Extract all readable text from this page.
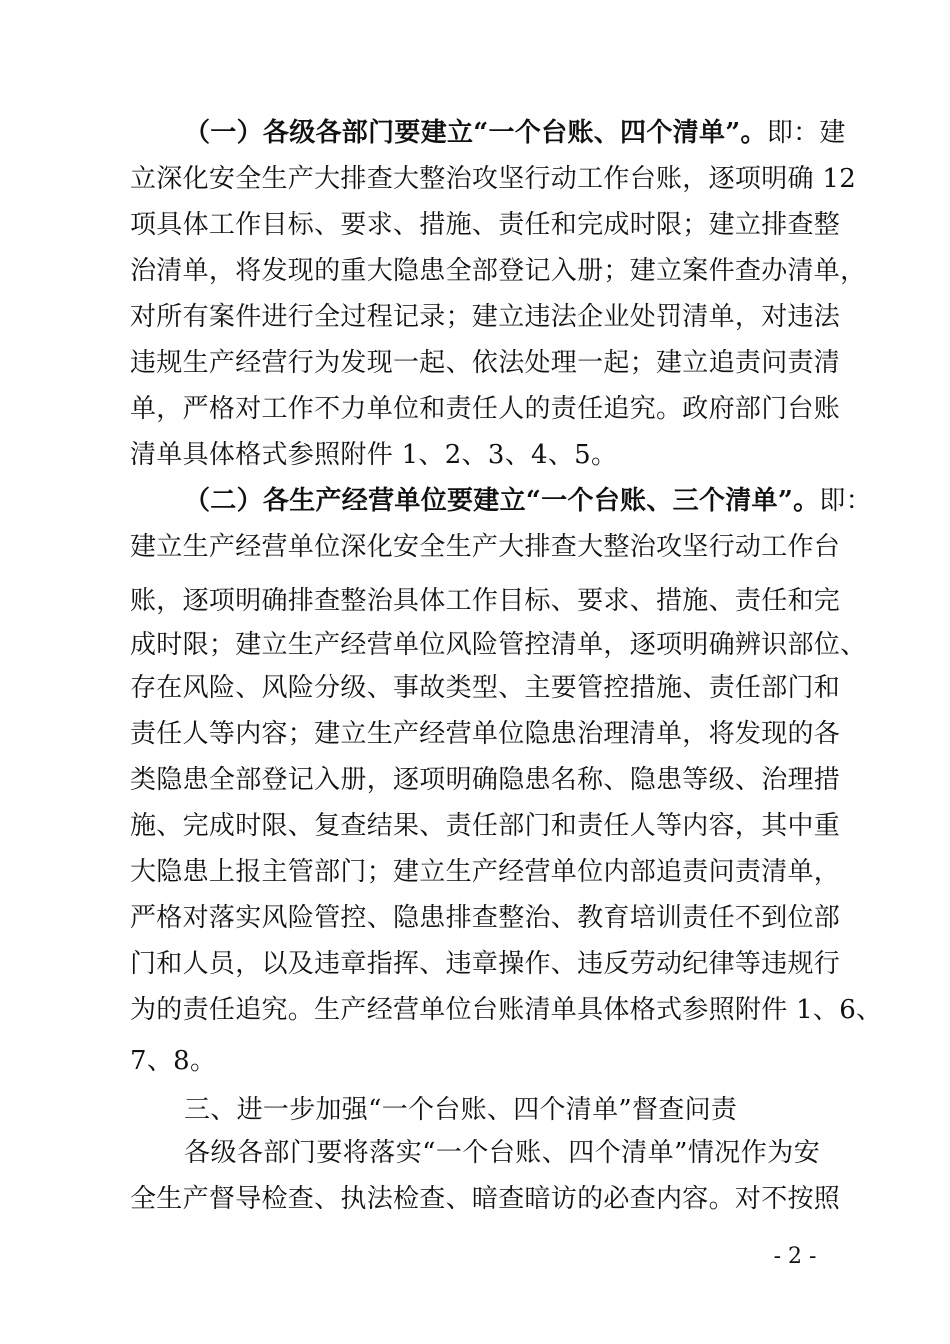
（一）各级各部门要建立“一个台账、四个清单”。即：建
立深化安全生产大排查大整治攻坚行动工作台账，逐项明确 12
项具体工作目标、要求、措施、责任和完成时限；建立排查整
治清单，将发现的重大隐患全部登记入册；建立案件查办清单，
对所有案件进行全过程记录；建立违法企业处罚清单，对违法
违规生产经营行为发现一起、依法处理一起；建立追责问责清
单，严格对工作不力单位和责任人的责任追究。政府部门台账
清单具体格式参照附件 1、2、3、4、5。
（二）各生产经营单位要建立“一个台账、三个清单”。即：
建立生产经营单位深化安全生产大排查大整治攻坚行动工作台
账，逐项明确排查整治具体工作目标、要求、措施、责任和完
成时限；建立生产经营单位风险管控清单，逐项明确辨识部位、
存在风险、风险分级、事故类型、主要管控措施、责任部门和
责任人等内容；建立生产经营单位隐患治理清单，将发现的各
类隐患全部登记入册，逐项明确隐患名称、隐患等级、治理措
施、完成时限、复查结果、责任部门和责任人等内容，其中重
大隐患上报主管部门；建立生产经营单位内部追责问责清单，
严格对落实风险管控、隐患排查整治、教育培训责任不到位部
门和人员，以及违章指挥、违章操作、违反劳动纪律等违规行
为的责任追究。生产经营单位台账清单具体格式参照附件 1、6、
7、8。
三、进一步加强“一个台账、四个清单”督查问责
各级各部门要将落实“一个台账、四个清单”情况作为安
全生产督导检查、执法检查、暗查暗访的必查内容。对不按照
- 2 -
